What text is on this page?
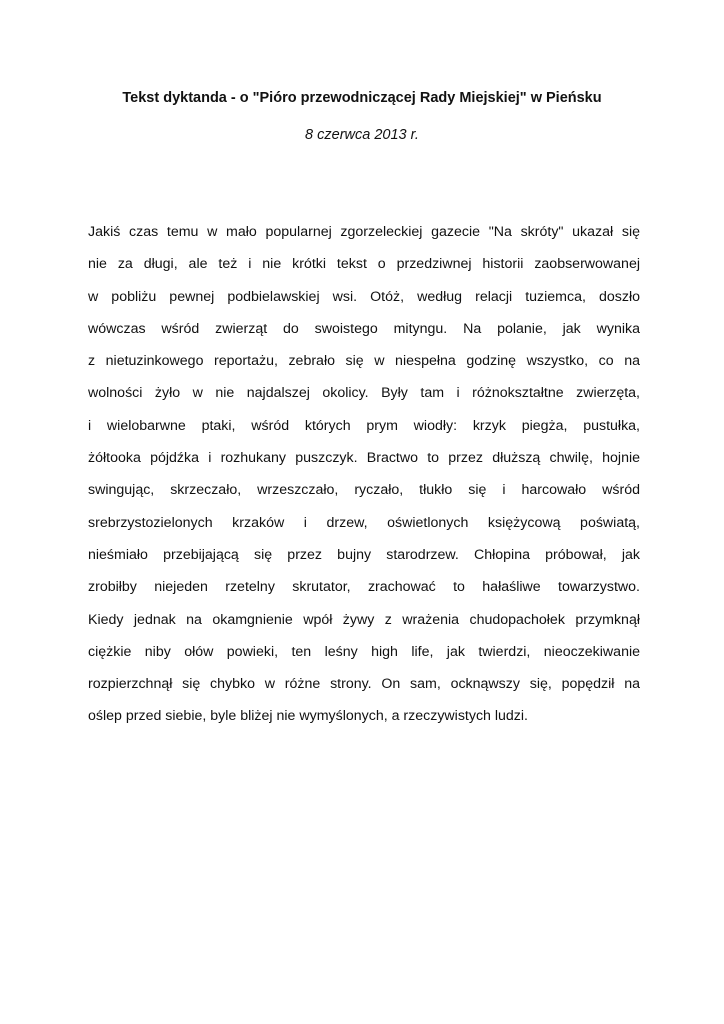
Tekst dyktanda - o "Pióro przewodniczącej Rady Miejskiej" w Pieńsku
8 czerwca 2013 r.
Jakiś czas temu w mało popularnej zgorzeleckiej gazecie "Na skróty" ukazał się
nie za długi, ale też i nie krótki tekst o przedziwnej historii zaobserwowanej
w pobliżu pewnej podbielawskiej wsi. Otóż, według relacji tuziemca, doszło
wówczas wśród zwierząt do swoistego mityngu. Na polanie, jak wynika
z nietuzinkowego reportażu, zebrało się w niespełna godzinę wszystko, co na
wolności żyło w nie najdalszej okolicy. Były tam i różnokształtne zwierzęta,
i wielobarwne ptaki, wśród których prym wiodły: krzyk piegża, pustułka,
żółtooka pójdźka i rozhukany puszczyk. Bractwo to przez dłuższą chwilę, hojnie
swingując, skrzeczało, wrzeszczało, ryczało, tłukło się i harcowało wśród
srebrzystozielonych krzaków i drzew, oświetlonych księżycową poświatą,
nieśmiało przebijającą się przez bujny starodrzew. Chłopina próbował, jak
zrobiłby niejeden rzetelny skrutator, zrachować to hałaśliwe towarzystwo.
Kiedy jednak na okamgnienie wpół żywy z wrażenia chudopachołek przymknął
ciężkie niby ołów powieki, ten leśny high life, jak twierdzi, nieoczekiwanie
rozpierzchnął się chybko w różne strony. On sam, ocknąwszy się, popędził na
oślep przed siebie, byle bliżej nie wymyślonych, a rzeczywistych ludzi.
